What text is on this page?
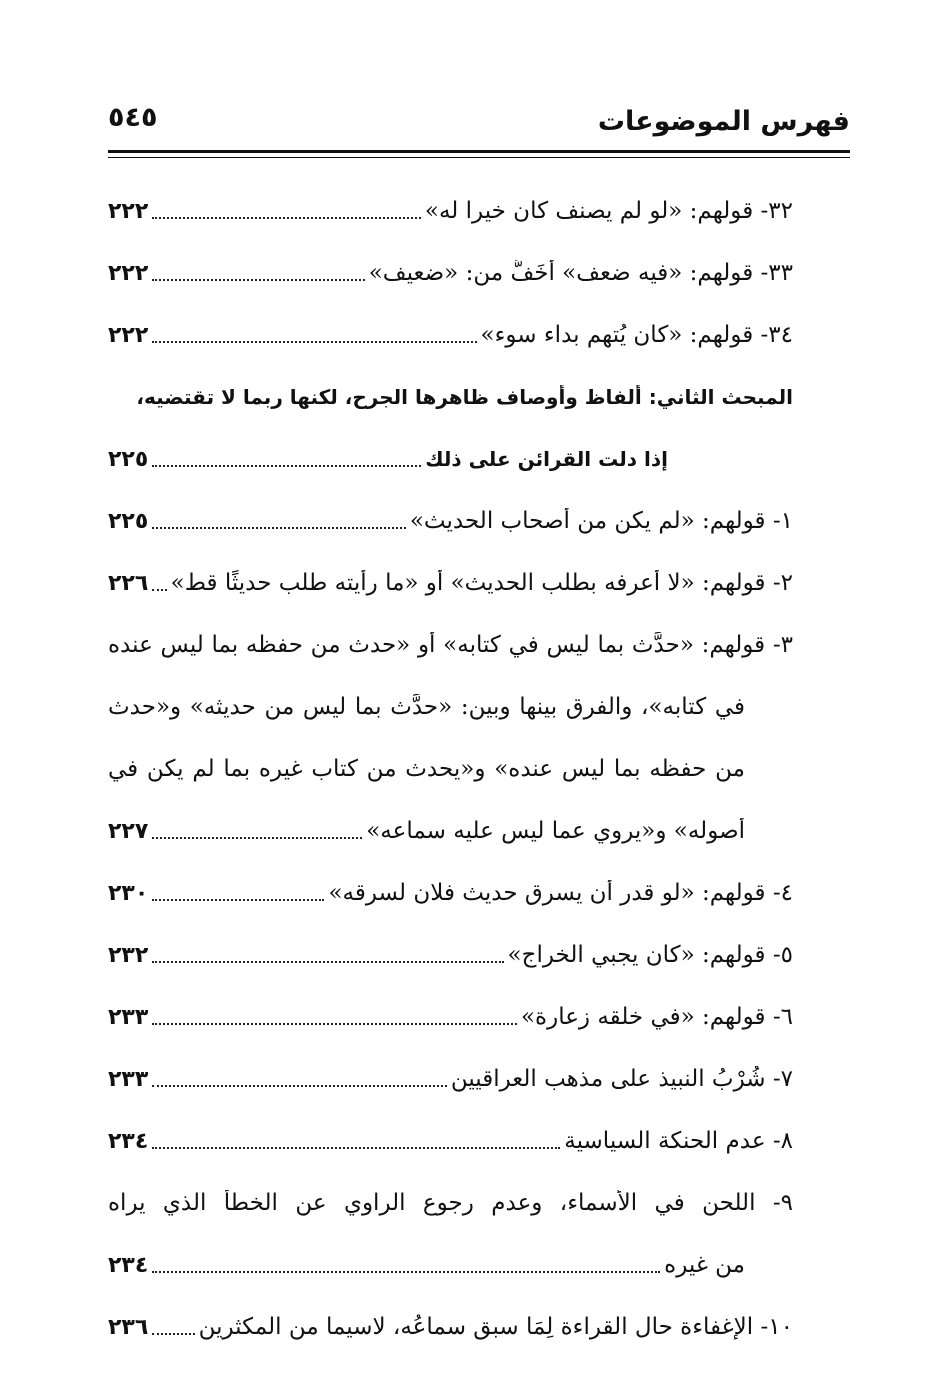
فهرس الموضوعات
٥٤٥
٣٢- قولهم: «لو لم يصنف كان خيرا له»
٢٢٢
٣٣- قولهم: «فيه ضعف» أَخَفُّ من: «ضعيف»
٢٢٢
٣٤- قولهم: «كان يُتهم بداء سوء»
٢٢٢
المبحث الثاني: ألفاظ وأوصاف ظاهرها الجرح، لكنها ربما لا تقتضيه،
إذا دلت القرائن على ذلك
٢٢٥
١- قولهم: «لم يكن من أصحاب الحديث»
٢٢٥
٢- قولهم: «لا أعرفه بطلب الحديث» أو «ما رأيته طلب حديثًا قط»
٢٢٦
٣- قولهم: «حدَّث بما ليس في كتابه» أو «حدث من حفظه بما ليس عنده
في كتابه»، والفرق بينها وبين: «حدَّث بما ليس من حديثه» و«حدث
من حفظه بما ليس عنده» و«يحدث من كتاب غيره بما لم يكن في
أصوله» و«يروي عما ليس عليه سماعه»
٢٢٧
٤- قولهم: «لو قدر أن يسرق حديث فلان لسرقه»
٢٣٠
٥- قولهم: «كان يجبي الخراج»
٢٣٢
٦- قولهم: «في خلقه زعارة»
٢٣٣
٧- شُرْبُ النبيذ على مذهب العراقيين
٢٣٣
٨- عدم الحنكة السياسية
٢٣٤
٩- اللحن في الأسماء، وعدم رجوع الراوي عن الخطأ الذي يراه
من غيره
٢٣٤
١٠- الإغفاءة حال القراءة لِمَا سبق سماعُه، لاسيما من المكثرين
٢٣٦
